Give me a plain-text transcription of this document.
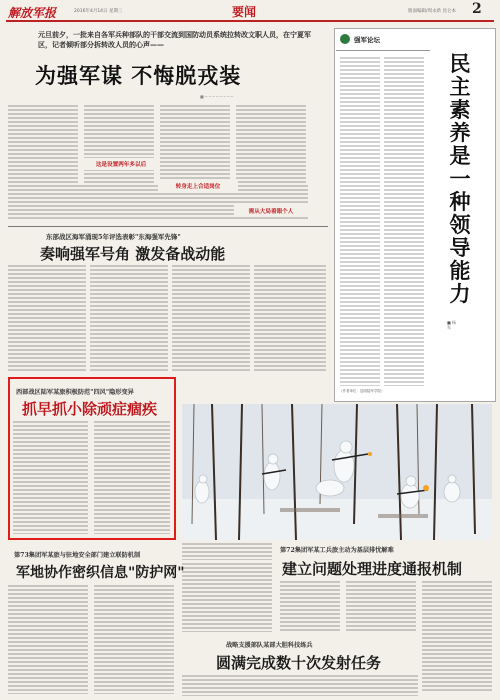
解放军报	2016年4月14日 星期三	要闻	版面编辑/周永新 昆仑本 2
元旦前夕，一批来自各军兵种部队的干部交流到国防动员系统拉转改文职人员，在宁夏军区，记者倾听部分拆转改人员的心声——
为强军谋 不悔脱戎装
■ ─ ─ ─ ─ ─ ─ ─ ─
这是设置两年多以后
转身走上合适岗位
需从大局着眼个人
强军论坛
（作者单位：昆明陆军学院）
民主素养是一种领导能力
■ 杨 军
东部战区海军涌现5年评选表彰"东海强军先锋"
奏响强军号角 激发备战动能
西部战区陆军某旅积极防范"四风"隐形变异
抓早抓小除顽症痼疾
第72集团军某工兵旅主动为基层排忧解难
建立问题处理进度通报机制
第73集团军某旅与驻地安全部门建立联防机制
军地协作密织信息"防护网"
战略支援部队某部大胆科技练兵
圆满完成数十次发射任务
